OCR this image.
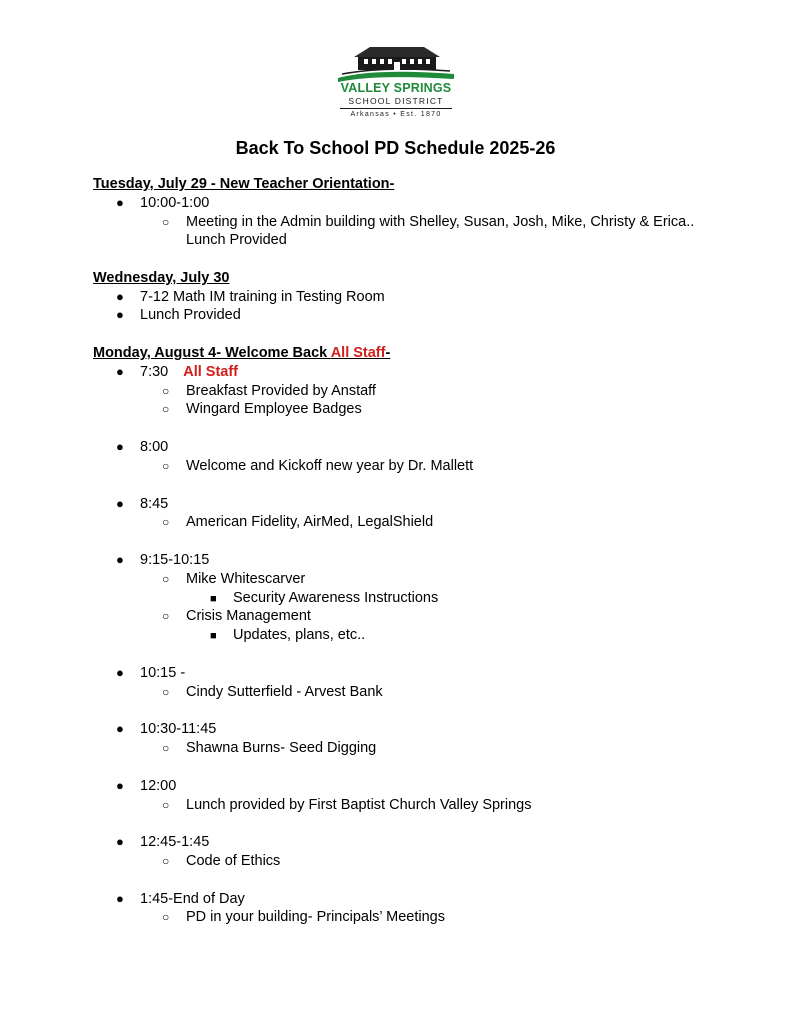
VALLEY SPRINGS
SCHOOL DISTRICT
Arkansas • Est. 1870
Back To School PD Schedule 2025-26
Tuesday, July 29 - New Teacher Orientation-
● 10:00-1:00
○ Meeting in the Admin building with Shelley, Susan, Josh, Mike, Christy & Erica..
Lunch Provided
Wednesday, July 30
● 7-12 Math IM training in Testing Room
● Lunch Provided
Monday, August 4- Welcome Back All Staff-
● 7:30 All Staff
○ Breakfast Provided by Anstaff
○ Wingard Employee Badges
● 8:00
○ Welcome and Kickoff new year by Dr. Mallett
● 8:45
○ American Fidelity, AirMed, LegalShield
● 9:15-10:15
○ Mike Whitescarver
■ Security Awareness Instructions
○ Crisis Management
■ Updates, plans, etc..
● 10:15 -
○ Cindy Sutterfield - Arvest Bank
● 10:30-11:45
○ Shawna Burns- Seed Digging
● 12:00
○ Lunch provided by First Baptist Church Valley Springs
● 12:45-1:45
○ Code of Ethics
● 1:45-End of Day
○ PD in your building- Principals’ Meetings
